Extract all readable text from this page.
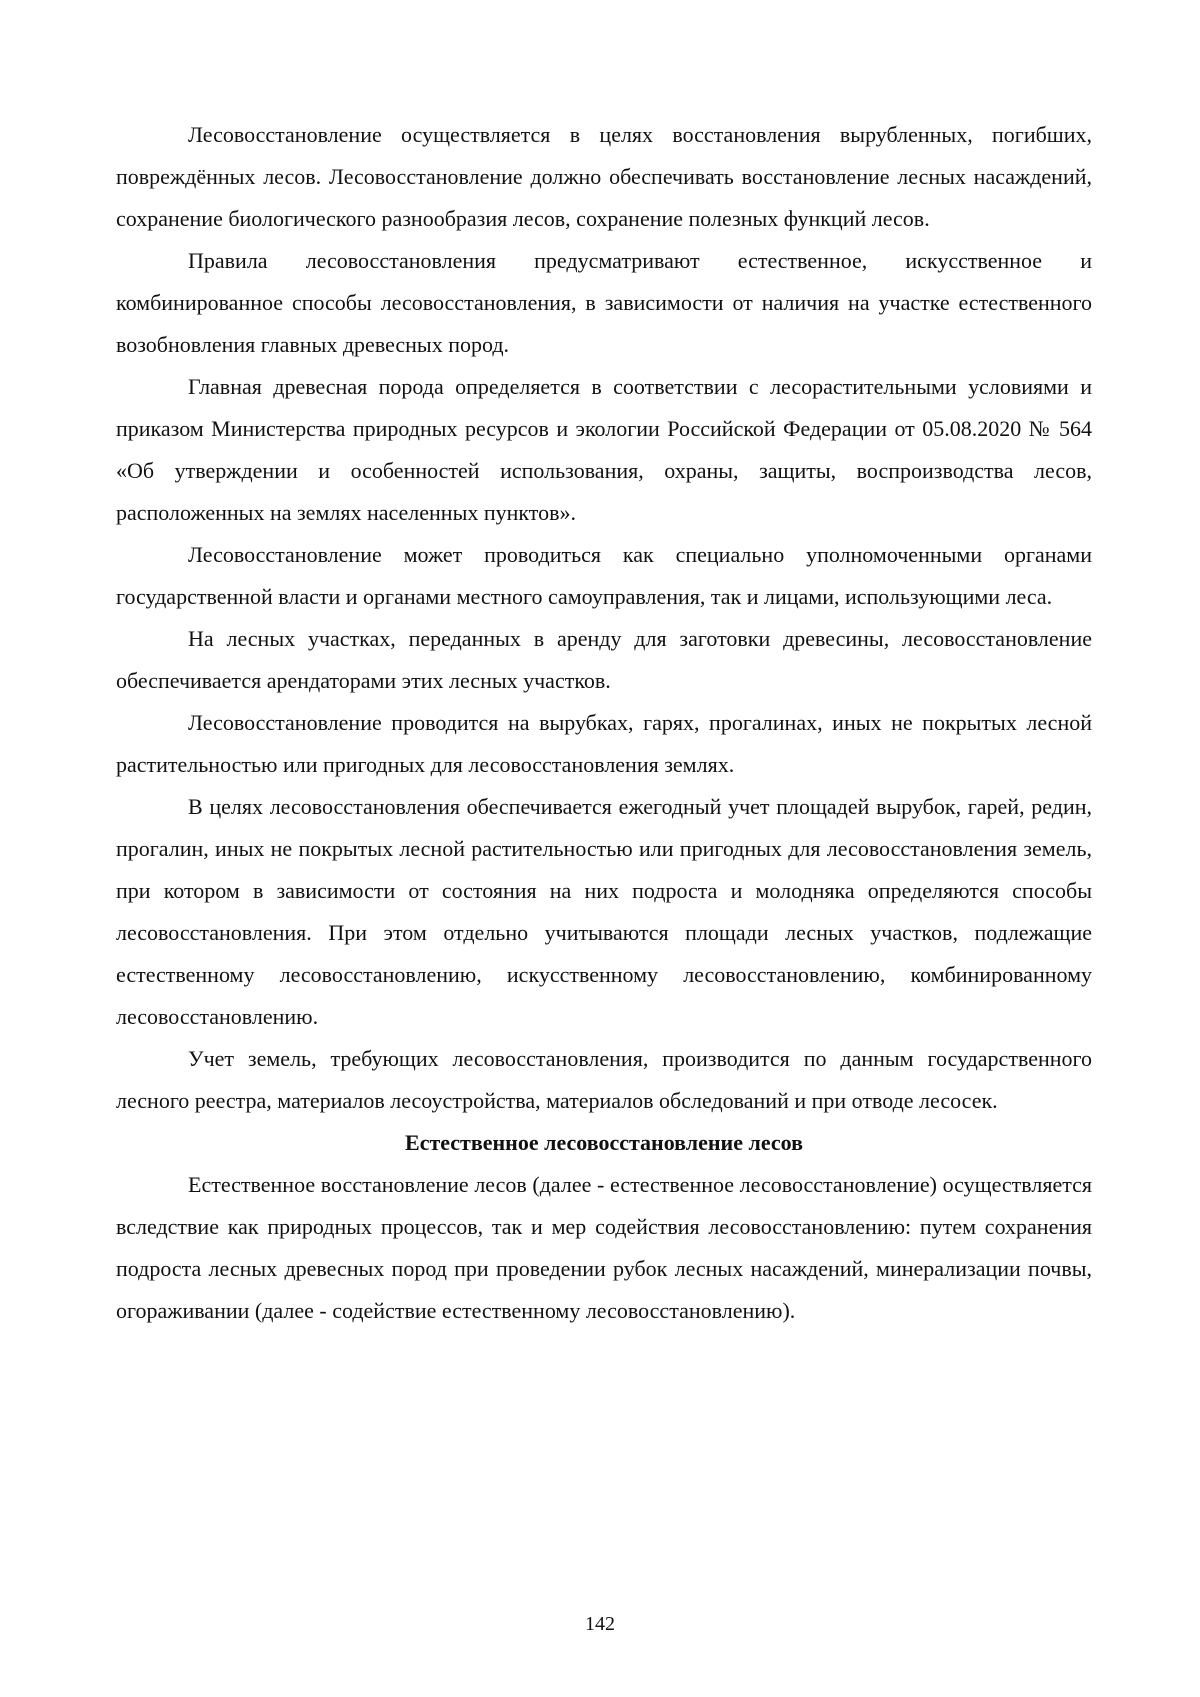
Лесовосстановление осуществляется в целях восстановления вырубленных, погибших, повреждённых лесов. Лесовосстановление должно обеспечивать восстановление лесных насаждений, сохранение биологического разнообразия лесов, сохранение полезных функций лесов.

Правила лесовосстановления предусматривают естественное, искусственное и комбинированное способы лесовосстановления, в зависимости от наличия на участке естественного возобновления главных древесных пород.

Главная древесная порода определяется в соответствии с лесорастительными условиями и приказом Министерства природных ресурсов и экологии Российской Федерации от 05.08.2020 № 564 «Об утверждении и особенностей использования, охраны, защиты, воспроизводства лесов, расположенных на землях населенных пунктов».

Лесовосстановление может проводиться как специально уполномоченными органами государственной власти и органами местного самоуправления, так и лицами, использующими леса.

На лесных участках, переданных в аренду для заготовки древесины, лесовосстановление обеспечивается арендаторами этих лесных участков.

Лесовосстановление проводится на вырубках, гарях, прогалинах, иных не покрытых лесной растительностью или пригодных для лесовосстановления землях.

В целях лесовосстановления обеспечивается ежегодный учет площадей вырубок, гарей, редин, прогалин, иных не покрытых лесной растительностью или пригодных для лесовосстановления земель, при котором в зависимости от состояния на них подроста и молодняка определяются способы лесовосстановления. При этом отдельно учитываются площади лесных участков, подлежащие естественному лесовосстановлению, искусственному лесовосстановлению, комбинированному лесовосстановлению.

Учет земель, требующих лесовосстановления, производится по данным государственного лесного реестра, материалов лесоустройства, материалов обследований и при отводе лесосек.

Естественное лесовосстановление лесов

Естественное восстановление лесов (далее - естественное лесовосстановление) осуществляется вследствие как природных процессов, так и мер содействия лесовосстановлению: путем сохранения подроста лесных древесных пород при проведении рубок лесных насаждений, минерализации почвы, огораживании (далее - содействие естественному лесовосстановлению).

142
